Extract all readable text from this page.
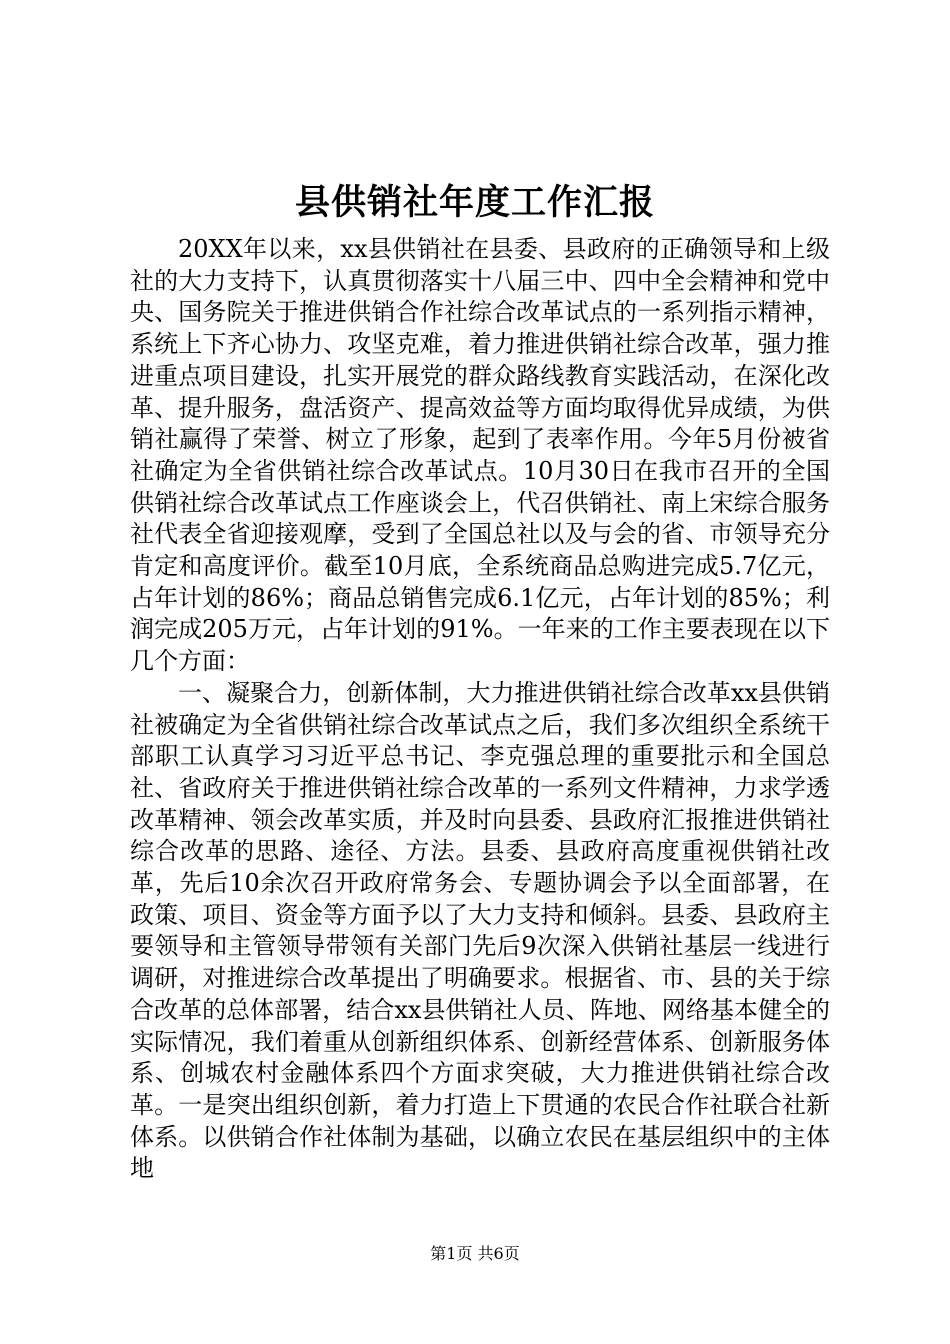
县供销社年度工作汇报

20XX年以来，xx县供销社在县委、县政府的正确领导和上级社的大力支持下，认真贯彻落实十八届三中、四中全会精神和党中央、国务院关于推进供销合作社综合改革试点的一系列指示精神，系统上下齐心协力、攻坚克难，着力推进供销社综合改革，强力推进重点项目建设，扎实开展党的群众路线教育实践活动，在深化改革、提升服务，盘活资产、提高效益等方面均取得优异成绩，为供销社赢得了荣誉、树立了形象，起到了表率作用。今年5月份被省社确定为全省供销社综合改革试点。10月30日在我市召开的全国供销社综合改革试点工作座谈会上，代召供销社、南上宋综合服务社代表全省迎接观摩，受到了全国总社以及与会的省、市领导充分肯定和高度评价。截至10月底，全系统商品总购进完成5.7亿元，占年计划的86%；商品总销售完成6.1亿元，占年计划的85%；利润完成205万元，占年计划的91%。一年来的工作主要表现在以下几个方面：

一、凝聚合力，创新体制，大力推进供销社综合改革xx县供销社被确定为全省供销社综合改革试点之后，我们多次组织全系统干部职工认真学习习近平总书记、李克强总理的重要批示和全国总社、省政府关于推进供销社综合改革的一系列文件精神，力求学透改革精神、领会改革实质，并及时向县委、县政府汇报推进供销社综合改革的思路、途径、方法。县委、县政府高度重视供销社改革，先后10余次召开政府常务会、专题协调会予以全面部署，在政策、项目、资金等方面予以了大力支持和倾斜。县委、县政府主要领导和主管领导带领有关部门先后9次深入供销社基层一线进行调研，对推进综合改革提出了明确要求。根据省、市、县的关于综合改革的总体部署，结合xx县供销社人员、阵地、网络基本健全的实际情况，我们着重从创新组织体系、创新经营体系、创新服务体系、创城农村金融体系四个方面求突破，大力推进供销社综合改革。一是突出组织创新，着力打造上下贯通的农民合作社联合社新体系。以供销合作社体制为基础，以确立农民在基层组织中的主体地

第1页 共6页
